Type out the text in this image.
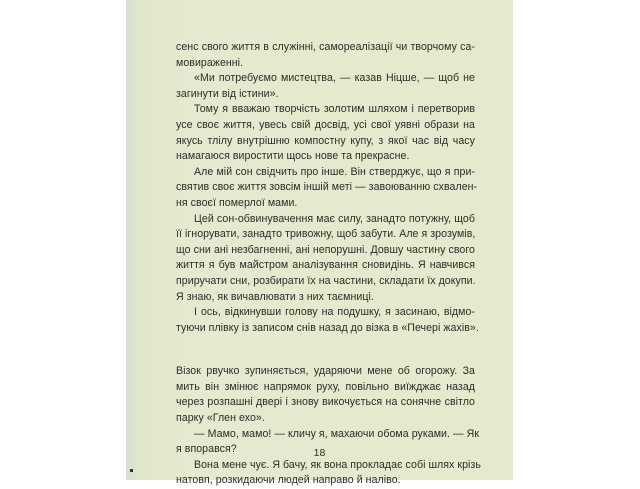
сенс свого життя в служінні, самореалізації чи творчому са-
мовираженні.
«Ми потребуємо мистецтва, — казав Ніцше, — щоб не
загинути від істини».
Тому я вважаю творчість золотим шляхом і перетворив
усе своє життя, увесь свій досвід, усі свої уявні образи на
якусь тлілу внутрішню компостну купу, з якої час від часу
намагаюся виростити щось нове та прекрасне.
Але мій сон свідчить про інше. Він стверджує, що я при-
святив своє життя зовсім іншій меті — завоюванню схвален-
ня своєї померлої мами.
Цей сон-обвинувачення має силу, занадто потужну, щоб
її ігнорувати, занадто тривожну, щоб забути. Але я зрозумів,
що сни ані незбагненні, ані непорушні. Довшу частину свого
життя я був майстром аналізування сновидінь. Я навчився
приручати сни, розбирати їх на частини, складати їх докупи.
Я знаю, як вичавлювати з них таємниці.
І ось, відкинувши голову на подушку, я засинаю, відмо-
туючи плівку із записом снів назад до візка в «Печері жахів».
Візок рвучко зупиняється, ударяючи мене об огорожу. За
мить він змінює напрямок руху, повільно виїжджає назад
через розпашні двері і знову викочується на сонячне світло
парку «Глен ехо».
— Мамо, мамо! — кличу я, махаючи обома руками. — Як
я впорався?
Вона мене чує. Я бачу, як вона прокладає собі шлях крізь
натовп, розкидаючи людей направо й наліво.
18
